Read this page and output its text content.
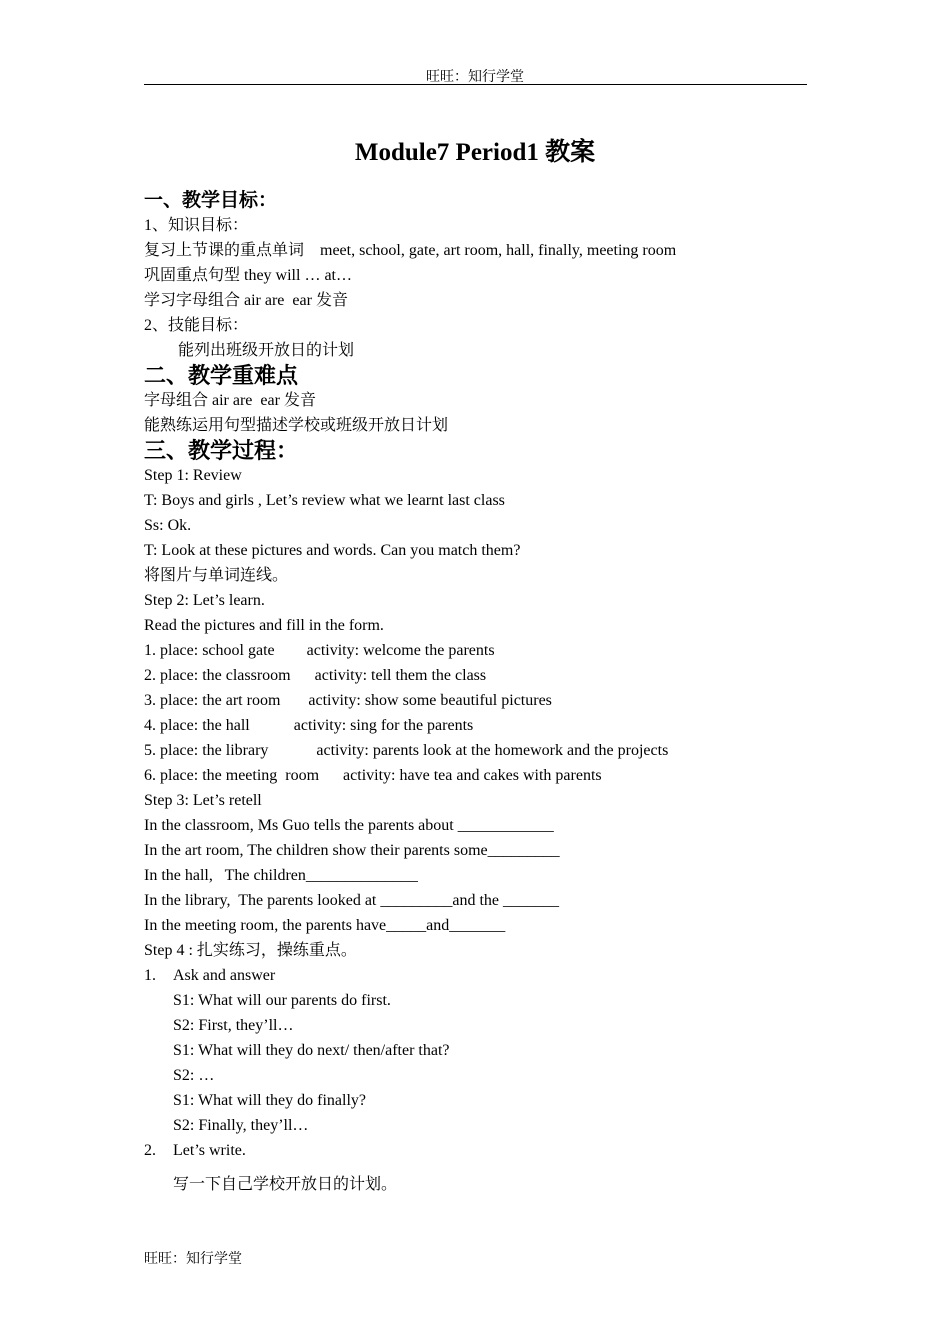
旺旺：知行学堂
Module7 Period1 教案
一、教学目标：
1、知识目标：
复习上节课的重点单词    meet, school, gate, art room, hall, finally, meeting room
巩固重点句型 they will … at…
学习字母组合 air are  ear 发音
2、技能目标：
能列出班级开放日的计划
二、教学重难点
字母组合 air are  ear 发音
能熟练运用句型描述学校或班级开放日计划
三、教学过程：
Step 1: Review
T: Boys and girls , Let’s review what we learnt last class
Ss: Ok.
T: Look at these pictures and words. Can you match them?
将图片与单词连线。
Step 2: Let’s learn.
Read the pictures and fill in the form.
1. place: school gate        activity: welcome the parents
2. place: the classroom      activity: tell them the class
3. place: the art room       activity: show some beautiful pictures
4. place: the hall           activity: sing for the parents
5. place: the library            activity: parents look at the homework and the projects
6. place: the meeting  room      activity: have tea and cakes with parents
Step 3: Let’s retell
In the classroom, Ms Guo tells the parents about ____________
In the art room, The children show their parents some_________
In the hall,   The children______________
In the library,  The parents looked at _________and the _______
In the meeting room, the parents have_____and_______
Step 4 : 扎实练习，操练重点。
1. Ask and answer
S1: What will our parents do first.
S2: First, they’ll…
S1: What will they do next/ then/after that?
S2: …
S1: What will they do finally?
S2: Finally, they’ll…
2. Let’s write.
写一下自己学校开放日的计划。
旺旺：知行学堂
